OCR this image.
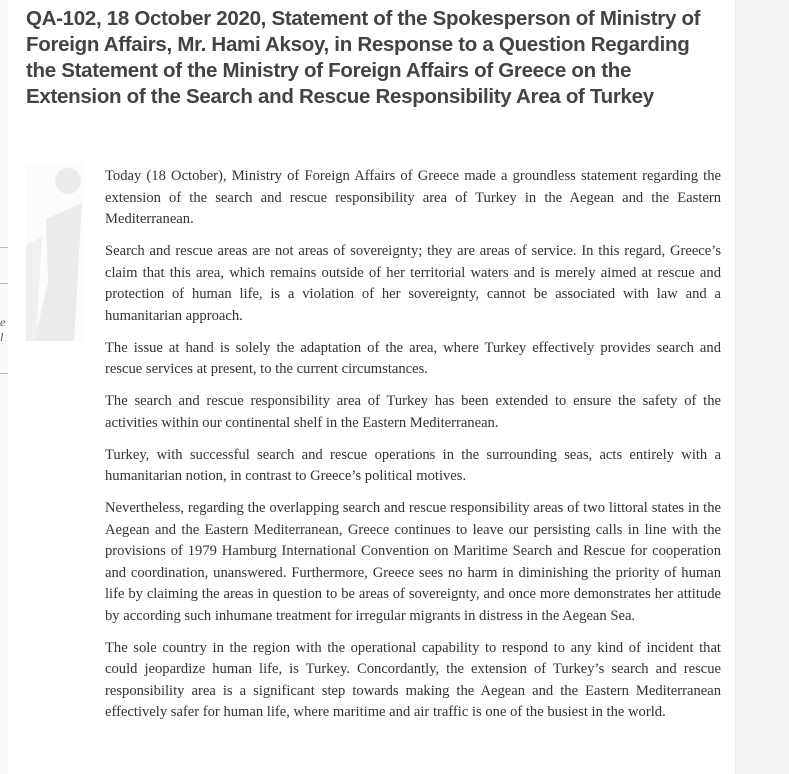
e
l
QA-102, 18 October 2020, Statement of the Spokesperson of Ministry of Foreign Affairs, Mr. Hami Aksoy, in Response to a Question Regarding the Statement of the Ministry of Foreign Affairs of Greece on the Extension of the Search and Rescue Responsibility Area of Turkey

Today (18 October), Ministry of Foreign Affairs of Greece made a groundless statement regarding the extension of the search and rescue responsibility area of Turkey in the Aegean and the Eastern Mediterranean.

Search and rescue areas are not areas of sovereignty; they are areas of service. In this regard, Greece’s claim that this area, which remains outside of her territorial waters and is merely aimed at rescue and protection of human life, is a violation of her sovereignty, cannot be associated with law and a humanitarian approach.

The issue at hand is solely the adaptation of the area, where Turkey effectively provides search and rescue services at present, to the current circumstances.

The search and rescue responsibility area of Turkey has been extended to ensure the safety of the activities within our continental shelf in the Eastern Mediterranean.

Turkey, with successful search and rescue operations in the surrounding seas, acts entirely with a humanitarian notion, in contrast to Greece’s political motives.

Nevertheless, regarding the overlapping search and rescue responsibility areas of two littoral states in the Aegean and the Eastern Mediterranean, Greece continues to leave our persisting calls in line with the provisions of 1979 Hamburg International Convention on Maritime Search and Rescue for cooperation and coordination, unanswered. Furthermore, Greece sees no harm in diminishing the priority of human life by claiming the areas in question to be areas of sovereignty, and once more demonstrates her attitude by according such inhumane treatment for irregular migrants in distress in the Aegean Sea.

The sole country in the region with the operational capability to respond to any kind of incident that could jeopardize human life, is Turkey. Concordantly, the extension of Turkey’s search and rescue responsibility area is a significant step towards making the Aegean and the Eastern Mediterranean effectively safer for human life, where maritime and air traffic is one of the busiest in the world.
